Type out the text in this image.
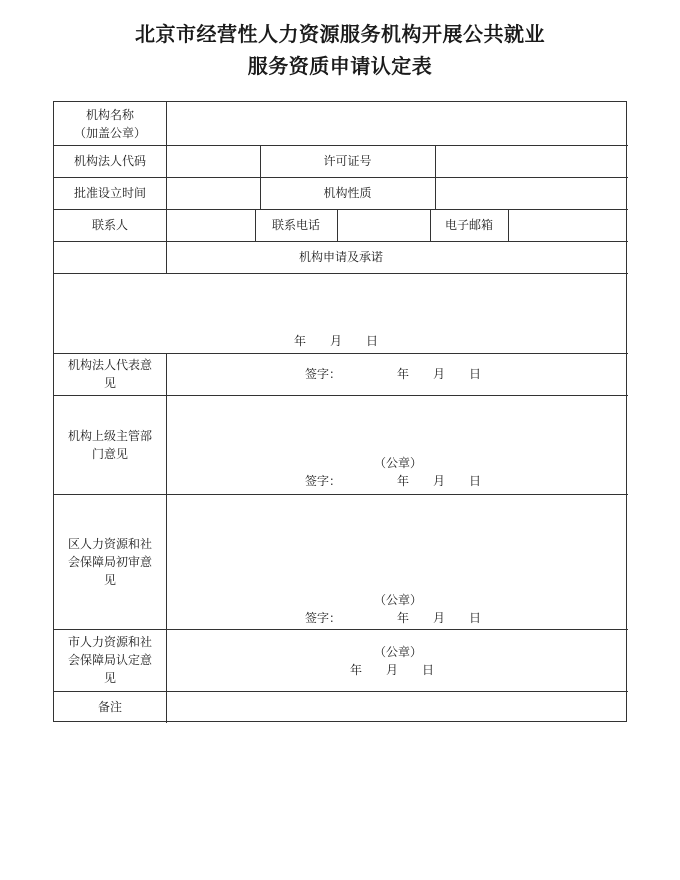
北京市经营性人力资源服务机构开展公共就业
服务资质申请认定表
机构名称
（加盖公章）
机构法人代码	许可证号
批准设立时间	机构性质
联系人	联系电话	电子邮箱
机构申请及承诺
年　　月　　日
机构法人代表意
见
签字：	年　　月　　日
机构上级主管部
门意见
（公章）
签字：	年　　月　　日
区人力资源和社
会保障局初审意
见
（公章）
签字：	年　　月　　日
市人力资源和社
会保障局认定意
见
（公章）
年　　月　　日
备注
